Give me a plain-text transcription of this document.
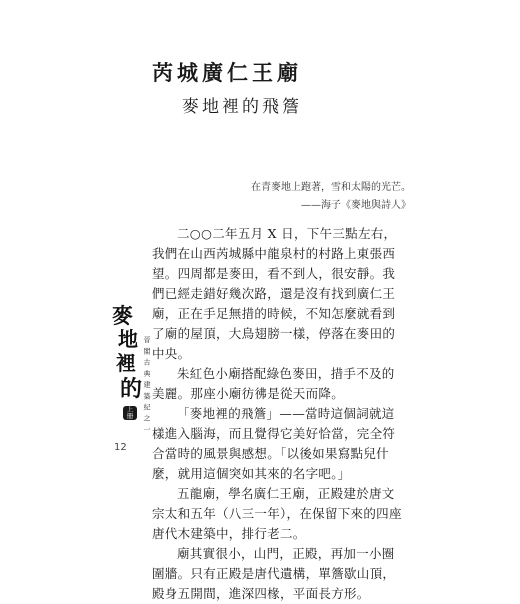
芮城廣仁王廟
麥地裡的飛簷
在青麥地上跑著，雪和太陽的光芒。
——海子《麥地與詩人》

二○○二年五月 X 日，下午三點左右，我們在山西芮城縣中龍泉村的村路上東張西望。四周都是麥田，看不到人，很安靜。我們已經走錯好幾次路，還是沒有找到廣仁王廟，正在手足無措的時候，不知怎麼就看到了廟的屋頂，大鳥翅膀一樣，停落在麥田的中央。

朱紅色小廟搭配綠色麥田，措手不及的美麗。那座小廟彷彿是從天而降。

「麥地裡的飛簷」——當時這個詞就這樣進入腦海，而且覺得它美好恰當，完全符合當時的風景與感想。「以後如果寫點兒什麼，就用這個突如其來的名字吧。」

五龍廟，學名廣仁王廟，正殿建於唐文宗太和五年（八三一年），在保留下來的四座唐代木建築中，排行老二。

廟其實很小，山門，正殿，再加一小圈圍牆。只有正殿是唐代遺構，單簷歇山頂，殿身五開間，進深四椽，平面長方形。

麥
地
裡
的 晉 閣 古 典 建 築 紀 之 一
上 冊
12
